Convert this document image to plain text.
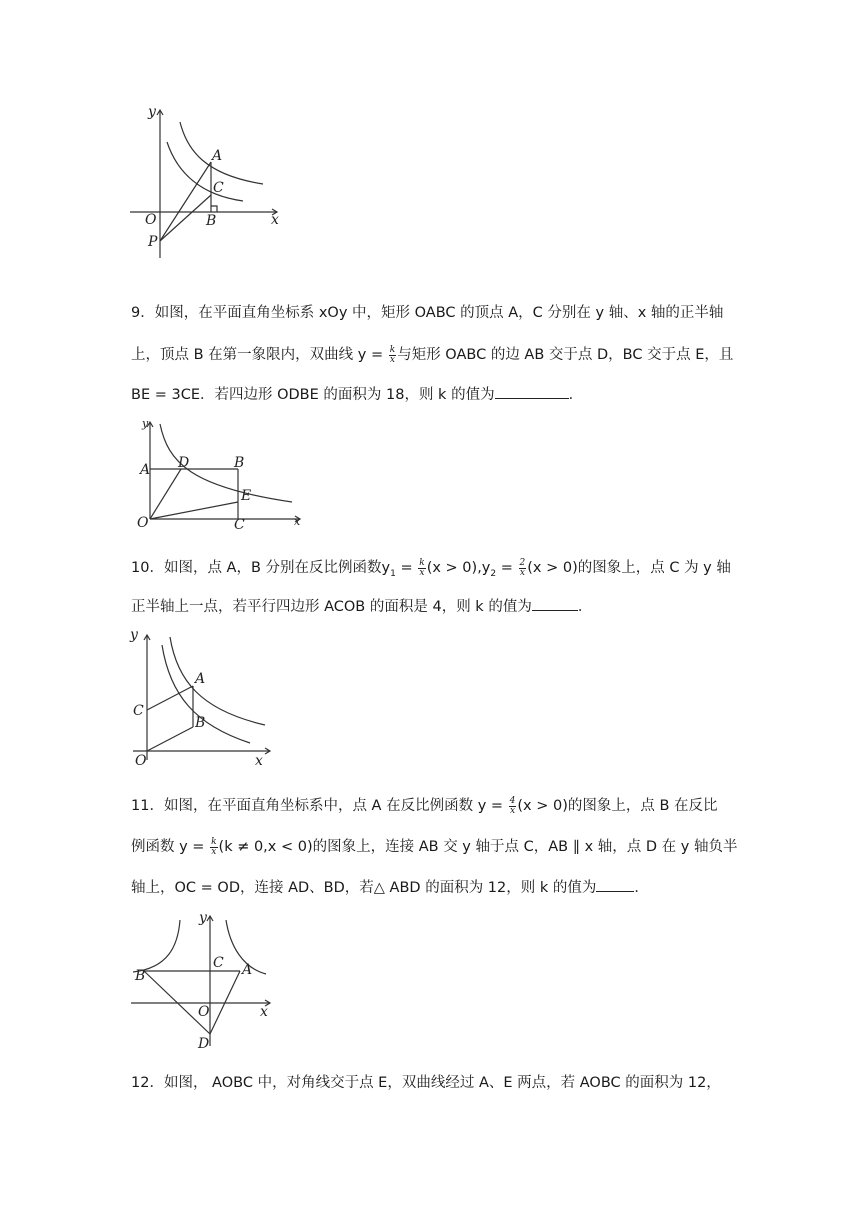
y
A
C
O	B	x
P
9．如图，在平面直角坐标系 xOy 中，矩形 OABC 的顶点 A，C 分别在 y 轴、x 轴的正半轴
上，顶点 B 在第一象限内，双曲线 $y = \frac{k}{x}$ 与矩形 OABC 的边 AB 交于点 D，BC 交于点 E，且
BE = 3CE．若四边形 ODBE 的面积为 18，则 k 的值为	．
y
A D	B
E
O	C	x
10．如图，点 A，B 分别在反比例函数$y_1 = \frac{k}{x} (x > 0),y_2 = \frac{2}{x} (x > 0)$的图象上，点 C 为 y 轴
正半轴上一点，若平行四边形 ACOB 的面积是 4，则 k 的值为	．
y
A
C
B
O	x
11．如图，在平面直角坐标系中，点 A 在反比例函数 $y = \frac{4}{x} (x > 0)$的图象上，点 B 在反比
例函数 $y = \frac{k}{x} (k \ne 0,x < 0)$的图象上，连接 AB 交 y 轴于点 C，AB ∥ x 轴，点 D 在 y 轴负半
轴上，OC = OD，连接 AD、BD，若△ ABD 的面积为 12，则 k 的值为	．
y
B
C A
O	x
D
12．如图， AOBC 中，对角线交于点 E，双曲线经过 A、E 两点，若 AOBC 的面积为 12，
